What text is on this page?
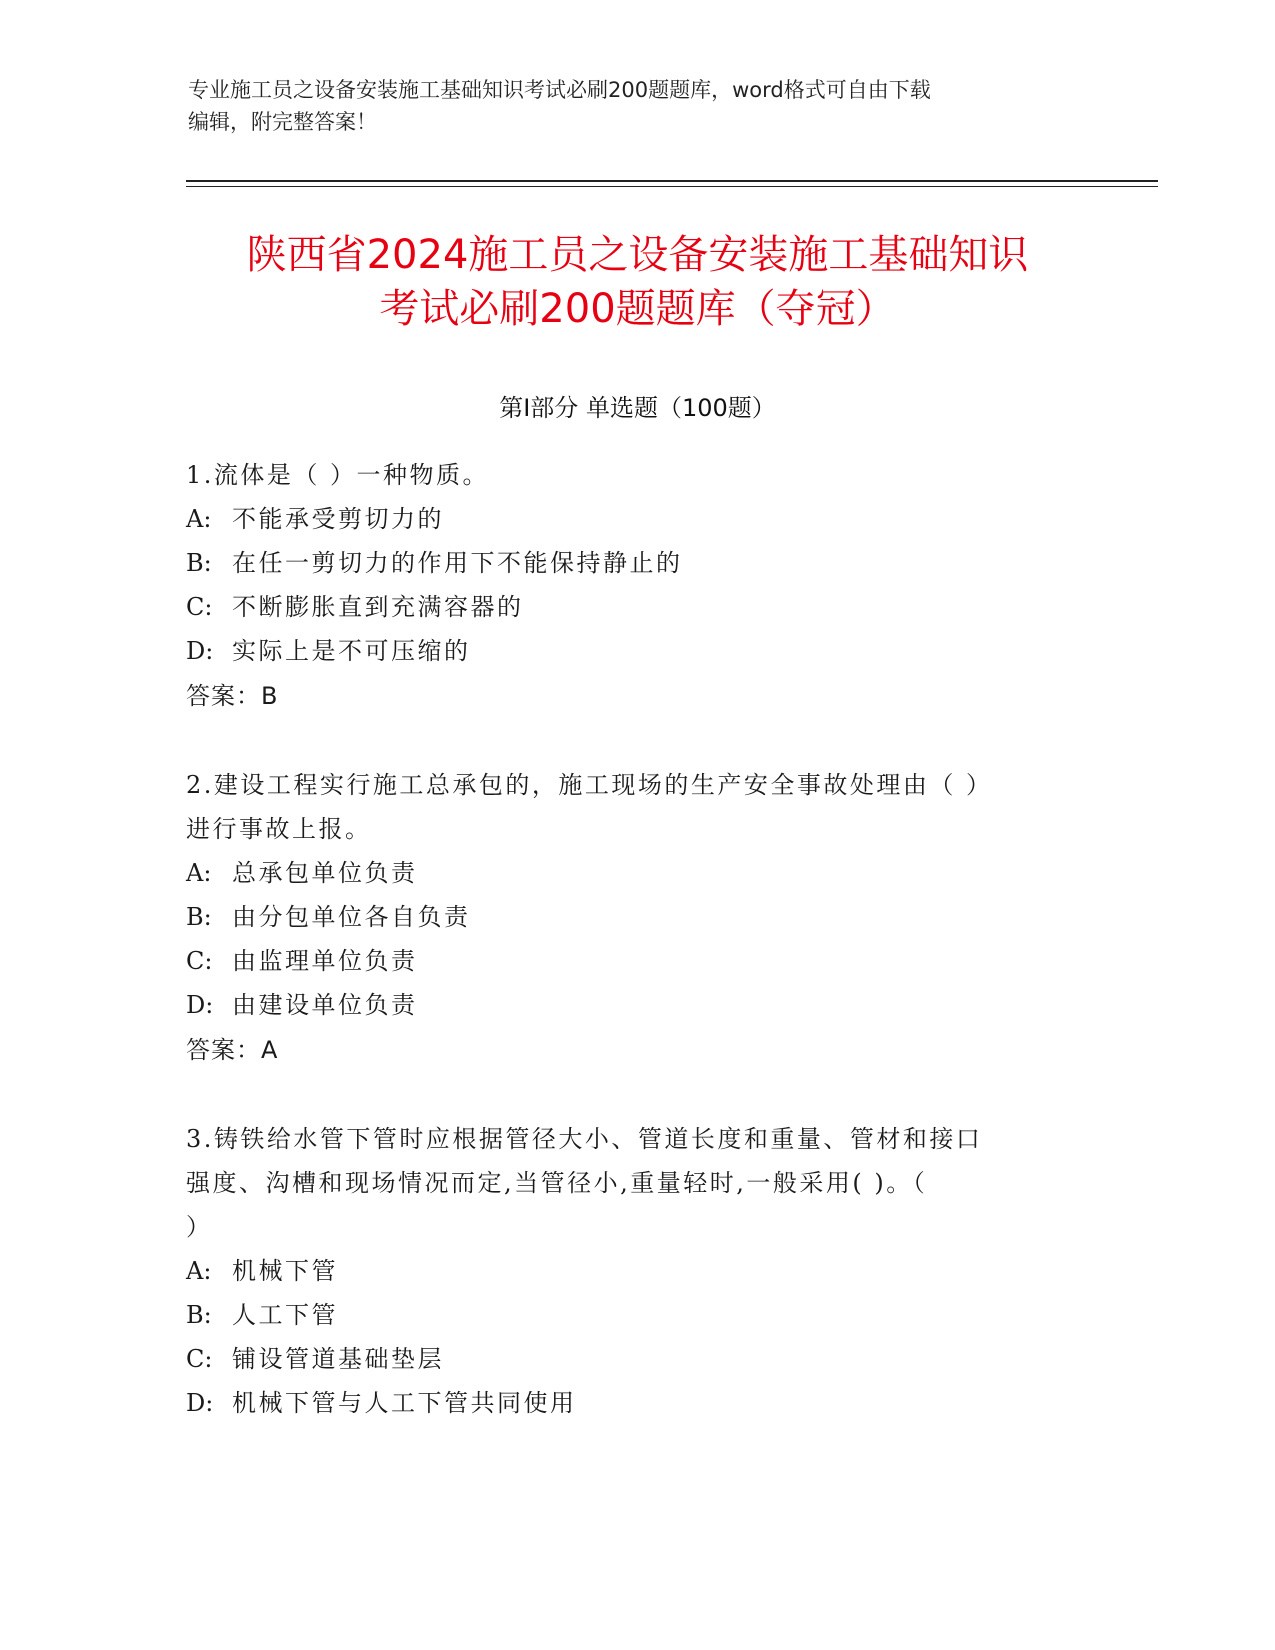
专业施工员之设备安装施工基础知识考试必刷200题题库，word格式可自由下载
编辑，附完整答案！
陕西省2024施工员之设备安装施工基础知识
考试必刷200题题库（夺冠）
第Ⅰ部分 单选题（100题）
1.流体是（ ）一种物质。
A: 不能承受剪切力的
B: 在任一剪切力的作用下不能保持静止的
C: 不断膨胀直到充满容器的
D: 实际上是不可压缩的
答案：B
2.建设工程实行施工总承包的，施工现场的生产安全事故处理由（ ）
进行事故上报。
A: 总承包单位负责
B: 由分包单位各自负责
C: 由监理单位负责
D: 由建设单位负责
答案：A
3.铸铁给水管下管时应根据管径大小、管道长度和重量、管材和接口
强度、沟槽和现场情况而定,当管径小,重量轻时,一般采用( )。（
）
A: 机械下管
B: 人工下管
C: 铺设管道基础垫层
D: 机械下管与人工下管共同使用
